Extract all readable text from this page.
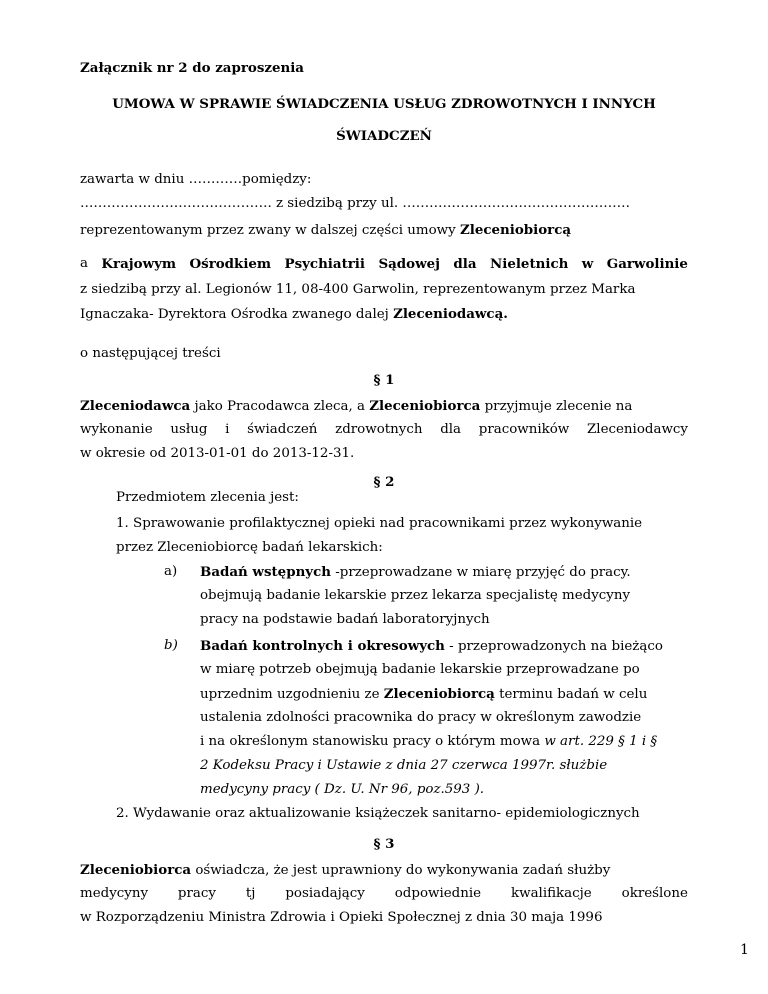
Załącznik nr 2 do zaproszenia
UMOWA W SPRAWIE ŚWIADCZENIA USŁUG ZDROWOTNYCH I INNYCH
ŚWIADCZEŃ
zawarta w dniu …………pomiędzy:
……………………………………. z siedzibą przy ul. ……………………………………………
reprezentowanym przez zwany w dalszej części umowy Zleceniobiorcą
a Krajowym Ośrodkiem Psychiatrii Sądowej dla Nieletnich w Garwolinie
z siedzibą przy al. Legionów 11, 08-400 Garwolin, reprezentowanym przez Marka
Ignaczaka- Dyrektora Ośrodka zwanego dalej Zleceniodawcą.
o następującej treści
§ 1
Zleceniodawca jako Pracodawca zleca, a Zleceniobiorca przyjmuje zlecenie na
wykonanie usług i świadczeń zdrowotnych dla pracowników Zleceniodawcy
w okresie od 2013-01-01 do 2013-12-31.
§ 2
Przedmiotem zlecenia jest:
1. Sprawowanie profilaktycznej opieki nad pracownikami przez wykonywanie
przez Zleceniobiorcę badań lekarskich:
a) Badań wstępnych -przeprowadzane w miarę przyjęć do pracy.
obejmują badanie lekarskie przez lekarza specjalistę medycyny
pracy na podstawie badań laboratoryjnych
b) Badań kontrolnych i okresowych - przeprowadzonych na bieżąco
w miarę potrzeb obejmują badanie lekarskie przeprowadzane po
uprzednim uzgodnieniu ze Zleceniobiorcą terminu badań w celu
ustalenia zdolności pracownika do pracy w określonym zawodzie
i na określonym stanowisku pracy o którym mowa w art. 229 § 1 i §
2 Kodeksu Pracy i Ustawie z dnia 27 czerwca 1997r. służbie
medycyny pracy ( Dz. U. Nr 96, poz.593 ).
2. Wydawanie oraz aktualizowanie książeczek sanitarno- epidemiologicznych
§ 3
Zleceniobiorca oświadcza, że jest uprawniony do wykonywania zadań służby
medycyny pracy tj posiadający odpowiednie kwalifikacje określone
w Rozporządzeniu Ministra Zdrowia i Opieki Społecznej z dnia 30 maja 1996
1
